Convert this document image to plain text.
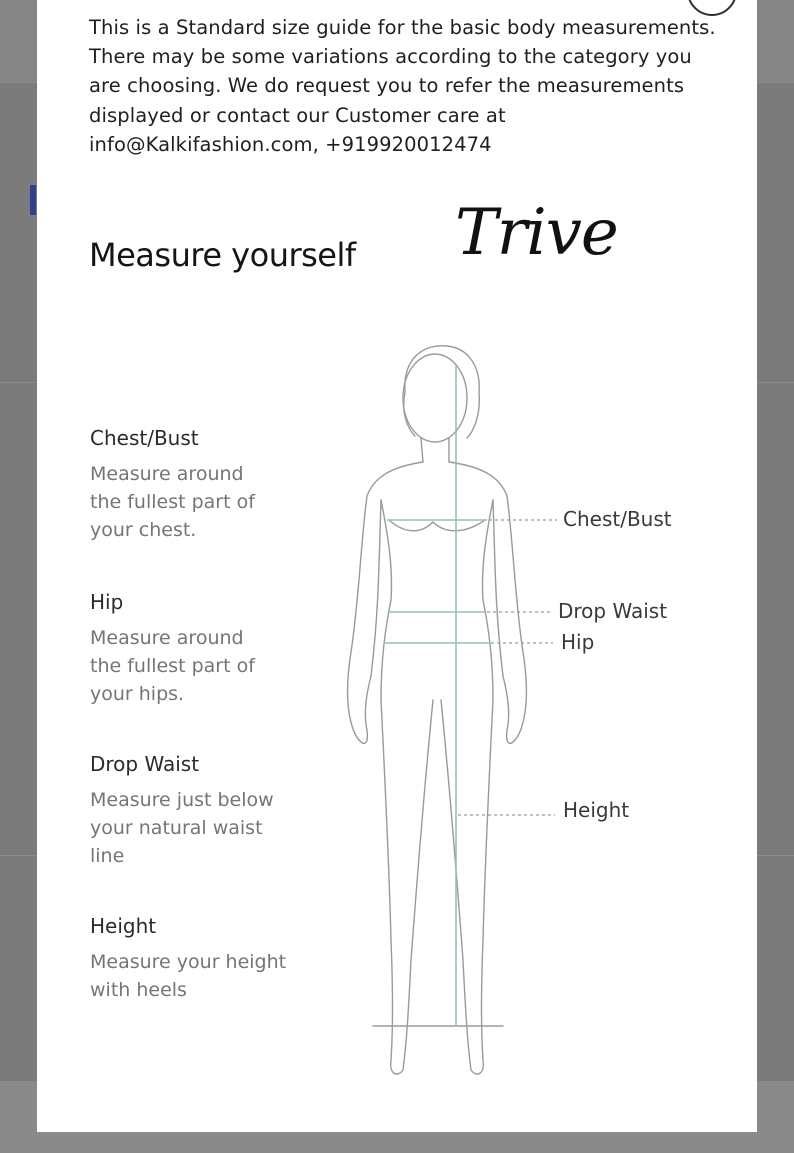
This is a Standard size guide for the basic body measurements. There may be some variations according to the category you are choosing. We do request you to refer the measurements displayed or contact our Customer care at info@Kalkifashion.com, +919920012474

Measure yourself Trive
Chest/Bust

Measure around the fullest part of your chest.

Hip

Measure around the fullest part of your hips.

Drop Waist

Measure just below your natural waist line

Height

Measure your height with heels

Chest/Bust
Drop Waist
Hip
Height
